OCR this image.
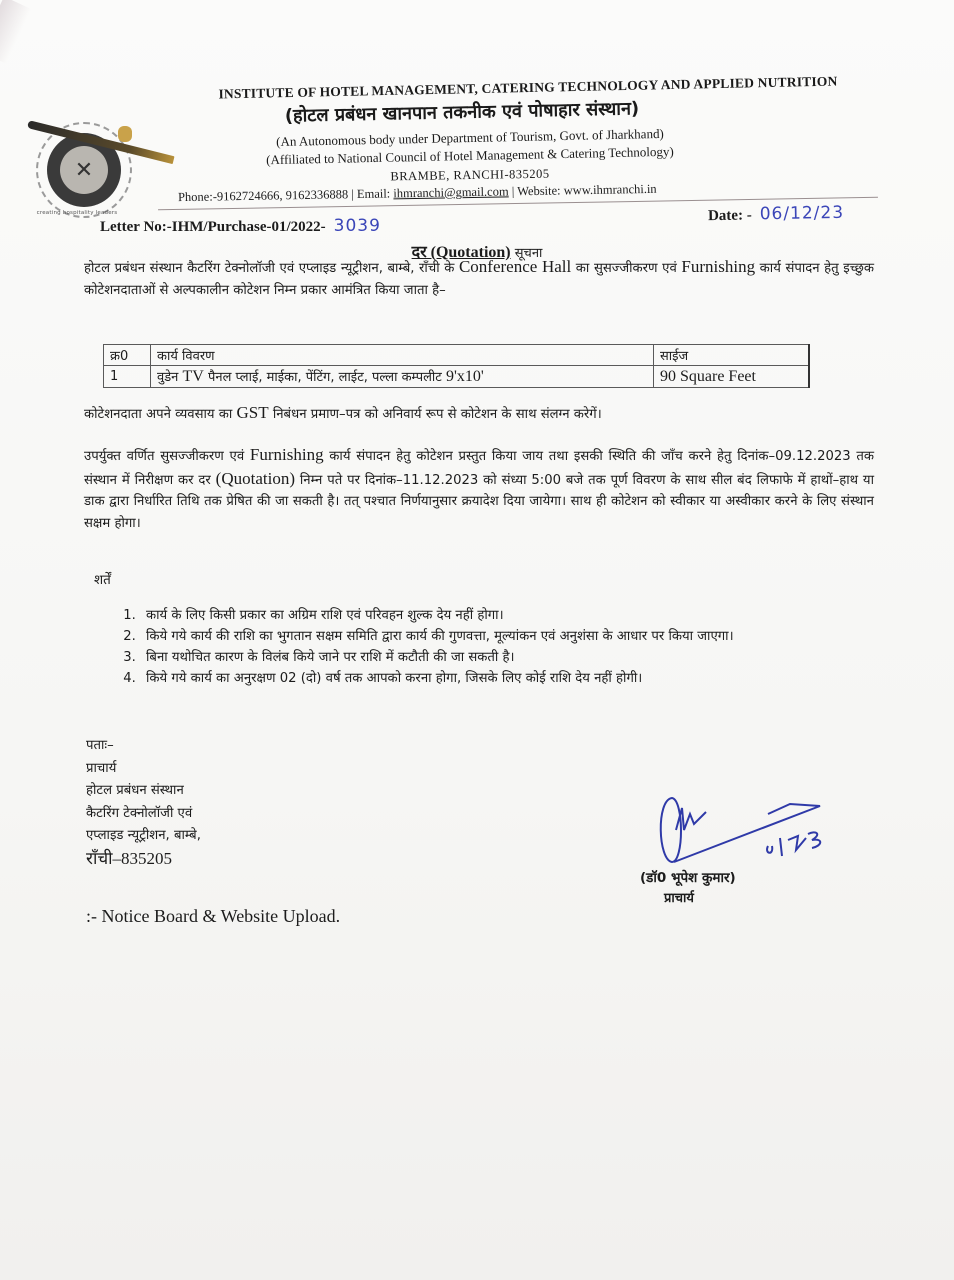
✕
creating hospitality leaders
INSTITUTE OF HOTEL MANAGEMENT, CATERING TECHNOLOGY AND APPLIED NUTRITION
(होटल प्रबंधन खानपान तकनीक एवं पोषाहार संस्थान)
(An Autonomous body under Department of Tourism, Govt. of Jharkhand)
(Affiliated to National Council of Hotel Management & Catering Technology)
BRAMBE, RANCHI-835205
Phone:-9162724666, 9162336888 | Email: ihmranchi@gmail.com | Website: www.ihmranchi.in
Letter No:-IHM/Purchase-01/2022- 3039
Date: - 06/12/23
दर (Quotation) सूचना
होटल प्रबंधन संस्थान कैटरिंग टेक्नोलॉजी एवं एप्लाइड न्यूट्रीशन, बाम्बे, राँची के Conference Hall का सुसज्जीकरण एवं Furnishing कार्य संपादन हेतु इच्छुक कोटेशनदाताओं से अल्पकालीन कोटेशन निम्न प्रकार आमंत्रित किया जाता है–
क्र0	कार्य विवरण	साईज
1	वुडेन TV पैनल प्लाई, माईका, पेंटिंग, लाईट, पल्ला कम्पलीट 9'x10'	90 Square Feet
कोटेशनदाता अपने व्यवसाय का GST निबंधन प्रमाण–पत्र को अनिवार्य रूप से कोटेशन के साथ संलग्न करेगें।
उपर्युक्त वर्णित सुसज्जीकरण एवं Furnishing कार्य संपादन हेतु कोटेशन प्रस्तुत किया जाय तथा इसकी स्थिति की जाँच करने हेतु दिनांक–09.12.2023 तक संस्थान में निरीक्षण कर दर (Quotation) निम्न पते पर दिनांक–11.12.2023 को संध्या 5:00 बजे तक पूर्ण विवरण के साथ सील बंद लिफाफे में हाथों–हाथ या डाक द्वारा निर्धारित तिथि तक प्रेषित की जा सकती है। तत् पश्चात निर्णयानुसार क्रयादेश दिया जायेगा। साथ ही कोटेशन को स्वीकार या अस्वीकार करने के लिए संस्थान सक्षम होगा।
शर्तें
1. कार्य के लिए किसी प्रकार का अग्रिम राशि एवं परिवहन शुल्क देय नहीं होगा।
2. किये गये कार्य की राशि का भुगतान सक्षम समिति द्वारा कार्य की गुणवत्ता, मूल्यांकन एवं अनुशंसा के आधार पर किया जाएगा।
3. बिना यथोचित कारण के विलंब किये जाने पर राशि में कटौती की जा सकती है।
4. किये गये कार्य का अनुरक्षण 02 (दो) वर्ष तक आपको करना होगा, जिसके लिए कोई राशि देय नहीं होगी।
पताः–
प्राचार्य
होटल प्रबंधन संस्थान
कैटरिंग टेक्नोलॉजी एवं
एप्लाइड न्यूट्रीशन, बाम्बे,
राँची–835205
(डॉ0 भूपेश कुमार)
प्राचार्य
:- Notice Board & Website Upload.
